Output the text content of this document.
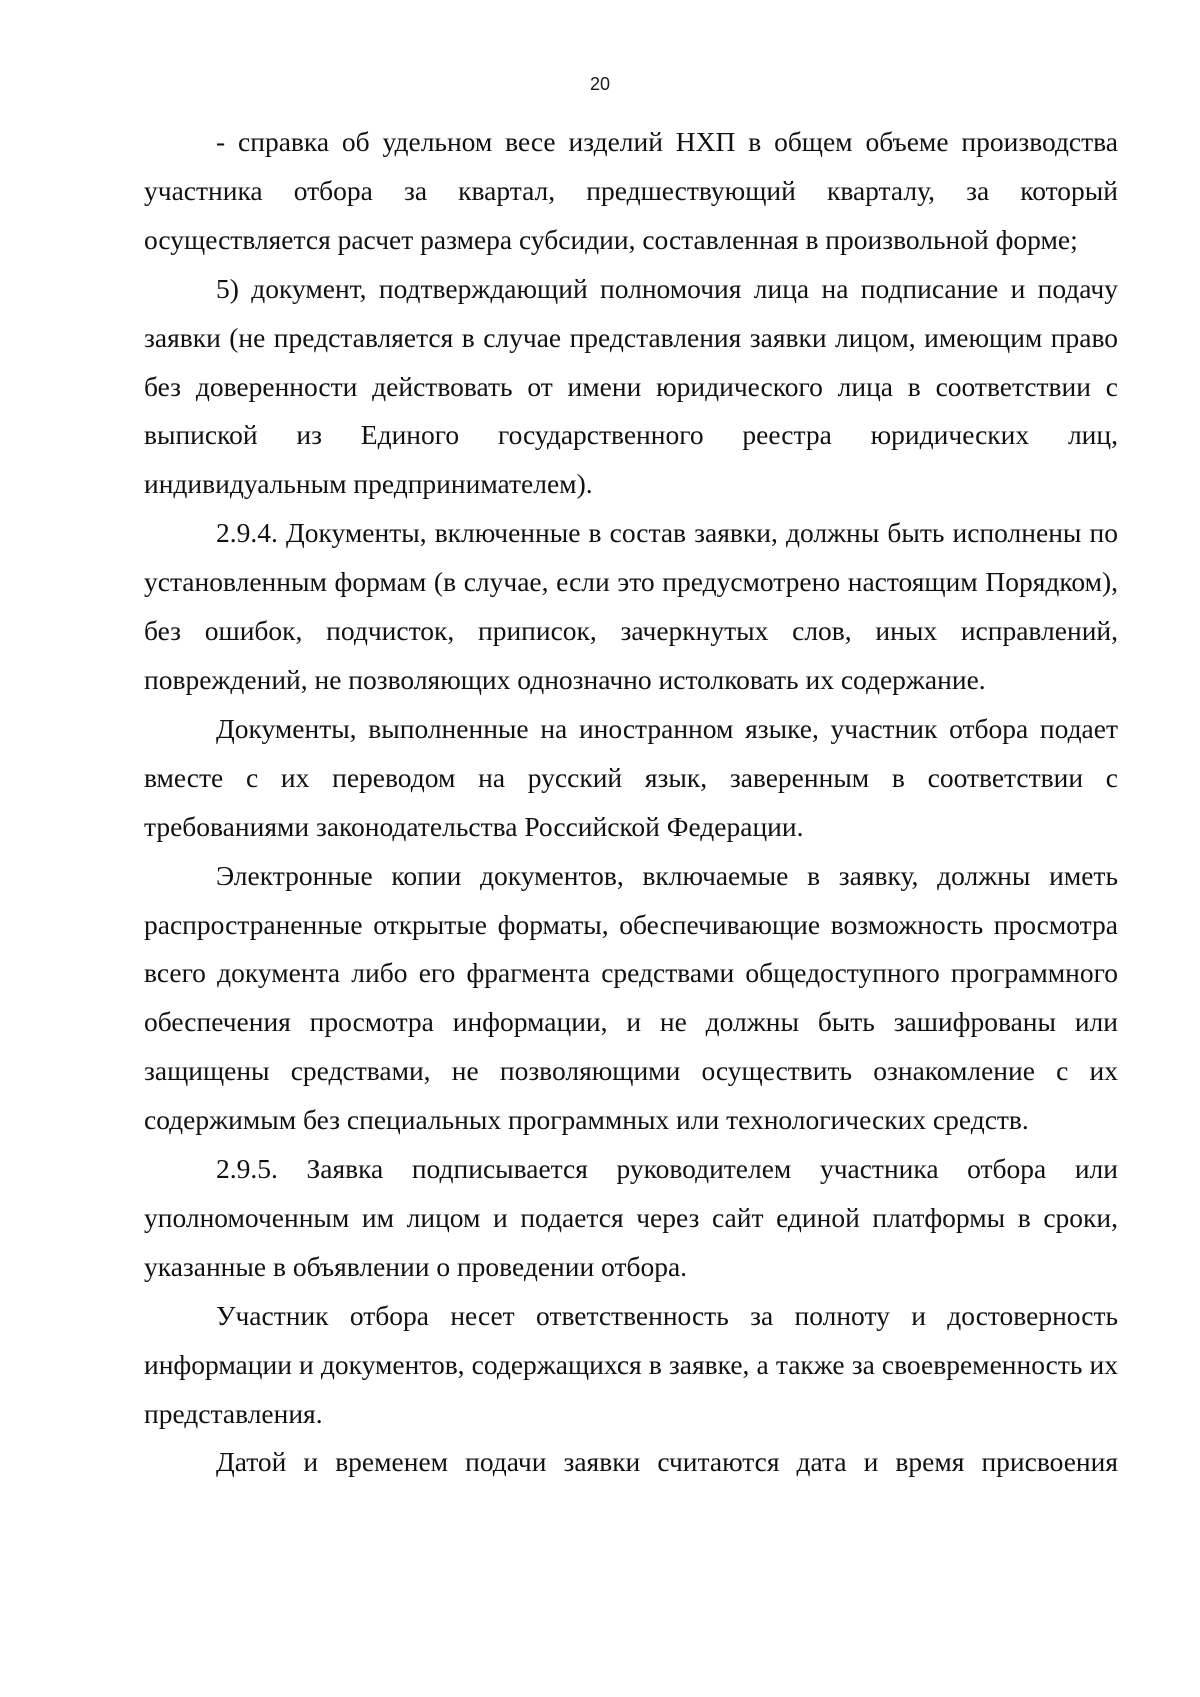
20

- справка об удельном весе изделий НХП в общем объеме производства участника отбора за квартал, предшествующий кварталу, за который осуществляется расчет размера субсидии, составленная в произвольной форме;

5) документ, подтверждающий полномочия лица на подписание и подачу заявки (не представляется в случае представления заявки лицом, имеющим право без доверенности действовать от имени юридического лица в соответствии с выпиской из Единого государственного реестра юридических лиц, индивидуальным предпринимателем).

2.9.4. Документы, включенные в состав заявки, должны быть исполнены по установленным формам (в случае, если это предусмотрено настоящим Порядком), без ошибок, подчисток, приписок, зачеркнутых слов, иных исправлений, повреждений, не позволяющих однозначно истолковать их содержание.

Документы, выполненные на иностранном языке, участник отбора подает вместе с их переводом на русский язык, заверенным в соответствии с требованиями законодательства Российской Федерации.

Электронные копии документов, включаемые в заявку, должны иметь распространенные открытые форматы, обеспечивающие возможность просмотра всего документа либо его фрагмента средствами общедоступного программного обеспечения просмотра информации, и не должны быть зашифрованы или защищены средствами, не позволяющими осуществить ознакомление с их содержимым без специальных программных или технологических средств.

2.9.5. Заявка подписывается руководителем участника отбора или уполномоченным им лицом и подается через сайт единой платформы в сроки, указанные в объявлении о проведении отбора.

Участник отбора несет ответственность за полноту и достоверность информации и документов, содержащихся в заявке, а также за своевременность их представления.

Датой и временем подачи заявки считаются дата и время присвоения
